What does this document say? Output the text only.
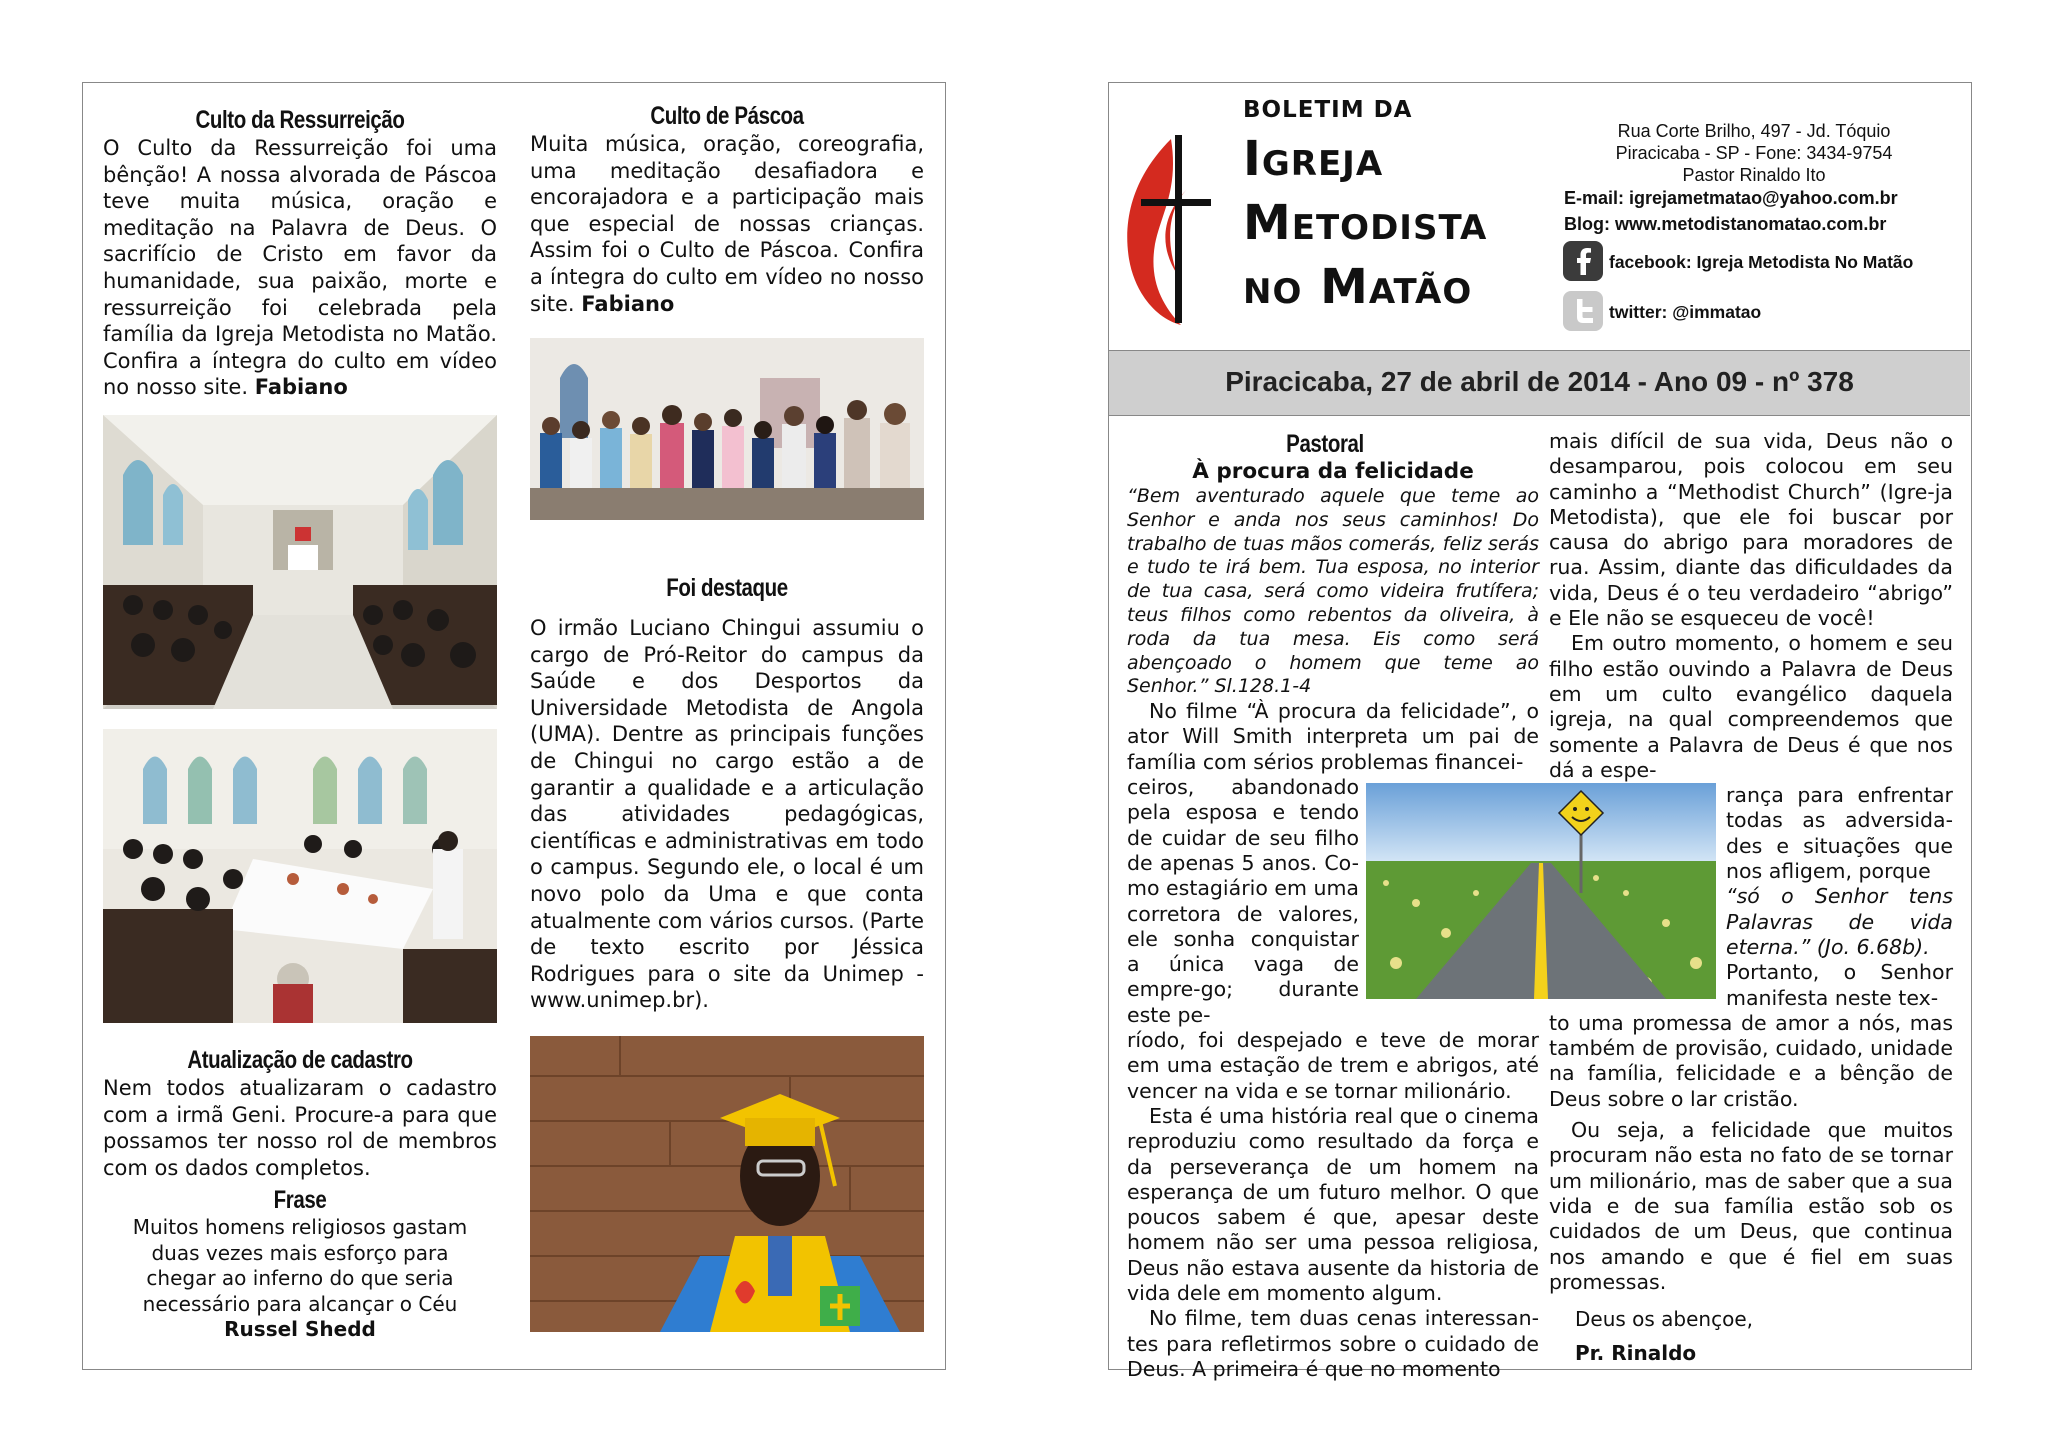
Culto da Ressurreição
O Culto da Ressurreição foi uma bênção! A nossa alvorada de Páscoa teve muita música, oração e meditação na Palavra de Deus. O sacrifício de Cristo em favor da humanidade, sua paixão, morte e ressurreição foi celebrada pela família da Igreja Metodista no Matão. Confira a íntegra do culto em vídeo no nosso site. Fabiano
Atualização de cadastro
Nem todos atualizaram o cadastro com a irmã Geni. Procure-a para que possamos ter nosso rol de membros com os dados completos.
Frase
Muitos homens religiosos gastam duas vezes mais esforço para chegar ao inferno do que seria necessário para alcançar o Céu
Russel Shedd
Culto de Páscoa
Muita música, oração, coreografia, uma meditação desafiadora e encorajadora e a participação mais que especial de nossas crianças. Assim foi o Culto de Páscoa. Confira a íntegra do culto em vídeo no nosso site. Fabiano
Foi destaque
O irmão Luciano Chingui assumiu o cargo de Pró-Reitor do campus da Saúde e dos Desportos da Universidade Metodista de Angola (UMA). Dentre as principais funções de Chingui no cargo estão a de garantir a qualidade e a articulação das atividades pedagógicas, científicas e administrativas em todo o campus. Segundo ele, o local é um novo polo da Uma e que conta atualmente com vários cursos. (Parte de texto escrito por Jéssica Rodrigues para o site da Unimep - www.unimep.br).
BOLETIM DA
Igreja
Metodista
no Matão
Rua Corte Brilho, 497 - Jd. Tóquio
Piracicaba - SP - Fone: 3434-9754
Pastor Rinaldo Ito
E-mail: igrejametmatao@yahoo.com.br
Blog: www.metodistanomatao.com.br
facebook: Igreja Metodista No Matão
twitter: @immatao
Piracicaba, 27 de abril de 2014 - Ano 09 - nº 378
Pastoral
À procura da felicidade
“Bem aventurado aquele que teme ao Senhor e anda nos seus caminhos! Do trabalho de tuas mãos comerás, feliz serás e tudo te irá bem. Tua esposa, no interior de tua casa, será como videira frutífera; teus filhos como rebentos da oliveira, à roda da tua mesa. Eis como será abençoado o homem que teme ao Senhor.” Sl.128.1-4
No filme “À procura da felicidade”, o ator Will Smith interpreta um pai de família com sérios problemas financei-
ceiros, abandonado pela esposa e tendo de cuidar de seu filho de apenas 5 anos. Co-mo estagiário em uma corretora de valores, ele sonha conquistar a única vaga de empre-go; durante este pe-
ríodo, foi despejado e teve de morar em uma estação de trem e abrigos, até vencer na vida e se tornar milionário.
Esta é uma história real que o cinema reproduziu como resultado da força e da perseverança de um homem na esperança de um futuro melhor. O que poucos sabem é que, apesar deste homem não ser uma pessoa religiosa, Deus não estava ausente da historia de vida dele em momento algum.
No filme, tem duas cenas interessan-tes para refletirmos sobre o cuidado de Deus. A primeira é que no momento
mais difícil de sua vida, Deus não o desamparou, pois colocou em seu caminho a “Methodist Church” (Igre-ja Metodista), que ele foi buscar por causa do abrigo para moradores de rua. Assim, diante das dificuldades da vida, Deus é o teu verdadeiro “abrigo” e Ele não se esqueceu de você!
Em outro momento, o homem e seu filho estão ouvindo a Palavra de Deus em um culto evangélico daquela igreja, na qual compreendemos que somente a Palavra de Deus é que nos dá a espe-
rança para enfrentar todas as adversida-des e situações que nos afligem, porque
“só o Senhor tens Palavras de vida eterna.” (Jo. 6.68b).
Portanto, o Senhor manifesta neste tex-
to uma promessa de amor a nós, mas também de provisão, cuidado, unidade na família, felicidade e a bênção de Deus sobre o lar cristão.
Ou seja, a felicidade que muitos procuram não esta no fato de se tornar um milionário, mas de saber que a sua vida e de sua família estão sob os cuidados de um Deus, que continua nos amando e que é fiel em suas promessas.
Deus os abençoe,
Pr. Rinaldo
